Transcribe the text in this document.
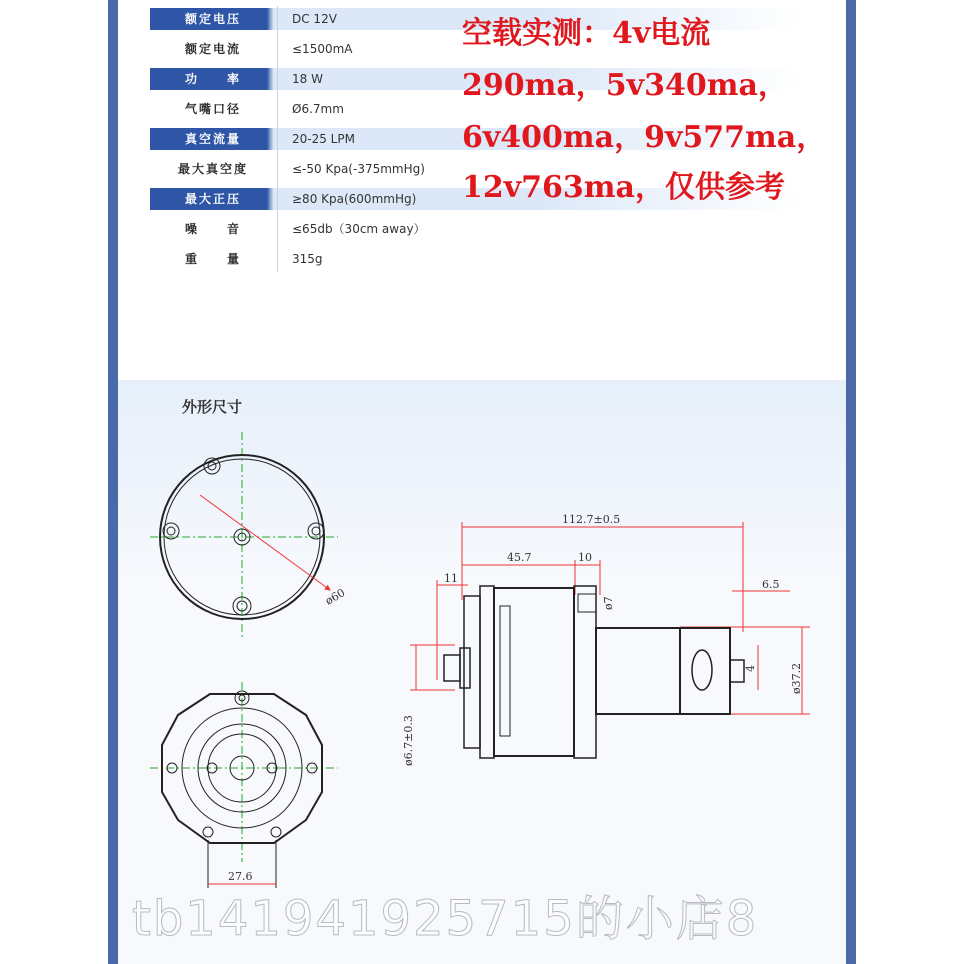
额定电压	DC 12V
额定电流	≤1500mA
功　　率	18 W
气嘴口径	Ø6.7mm
真空流量	20-25 LPM
最大真空度	≤-50 Kpa(-375mmHg)
最大正压	≥80 Kpa(600mmHg)
噪　　音	≤65db（30cm away）
重　　量	315g
空载实测：4v电流
290ma，5v340ma，
6v400ma，9v577ma，
12v763ma，仅供参考
外形尺寸
ø60
27.6
112.7±0.5
45.7	10
11
ø7
6.5
4	ø37.2
ø6.7±0.3
tb141941925715的小店8
